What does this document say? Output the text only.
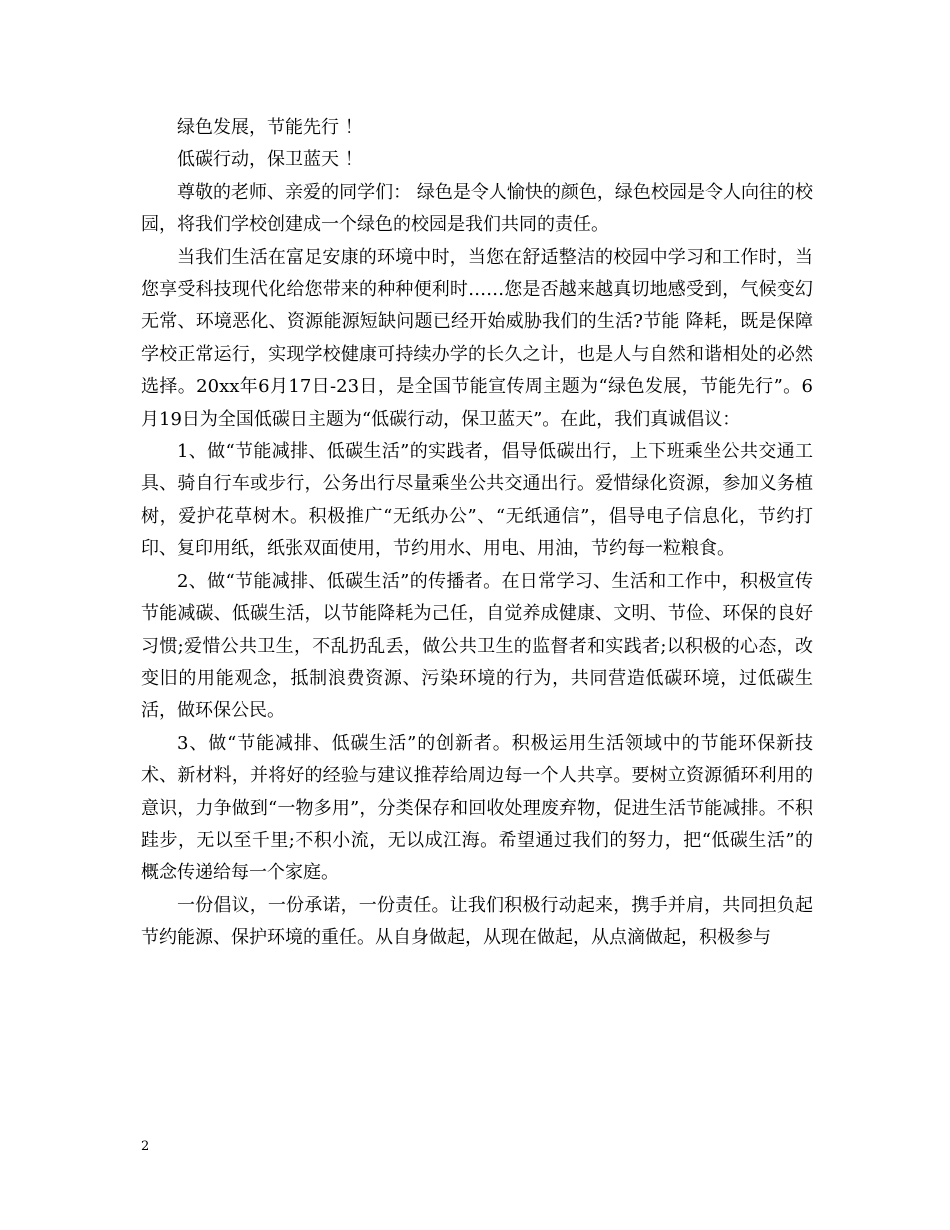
绿色发展，节能先行 ！

低碳行动，保卫蓝天 ！

尊敬的老师、亲爱的同学们： 绿色是令人愉快的颜色，绿色校园是令人向往的校园，将我们学校创建成一个绿色的校园是我们共同的责任。

当我们生活在富足安康的环境中时，当您在舒适整洁的校园中学习和工作时，当您享受科技现代化给您带来的种种便利时……您是否越来越真切地感受到，气候变幻无常、环境恶化、资源能源短缺问题已经开始威胁我们的生活?节能 降耗，既是保障学校正常运行，实现学校健康可持续办学的长久之计，也是人与自然和谐相处的必然选择。20xx年6月17日-23日，是全国节能宣传周主题为“绿色发展，节能先行”。6月19日为全国低碳日主题为“低碳行动，保卫蓝天”。在此，我们真诚倡议：

1、做“节能减排、低碳生活”的实践者，倡导低碳出行，上下班乘坐公共交通工具、骑自行车或步行，公务出行尽量乘坐公共交通出行。爱惜绿化资源，参加义务植树，爱护花草树木。积极推广“无纸办公”、“无纸通信”，倡导电子信息化，节约打印、复印用纸，纸张双面使用，节约用水、用电、用油，节约每一粒粮食。

2、做“节能减排、低碳生活”的传播者。在日常学习、生活和工作中，积极宣传节能减碳、低碳生活，以节能降耗为己任，自觉养成健康、文明、节俭、环保的良好习惯;爱惜公共卫生，不乱扔乱丢，做公共卫生的监督者和实践者;以积极的心态，改变旧的用能观念，抵制浪费资源、污染环境的行为，共同营造低碳环境，过低碳生活，做环保公民。

3、做“节能减排、低碳生活”的创新者。积极运用生活领域中的节能环保新技术、新材料，并将好的经验与建议推荐给周边每一个人共享。要树立资源循环利用的意识，力争做到“一物多用”，分类保存和回收处理废弃物，促进生活节能减排。不积跬步，无以至千里;不积小流，无以成江海。希望通过我们的努力，把“低碳生活”的概念传递给每一个家庭。

一份倡议，一份承诺，一份责任。让我们积极行动起来，携手并肩，共同担负起节约能源、保护环境的重任。从自身做起，从现在做起，从点滴做起，积极参与

2
